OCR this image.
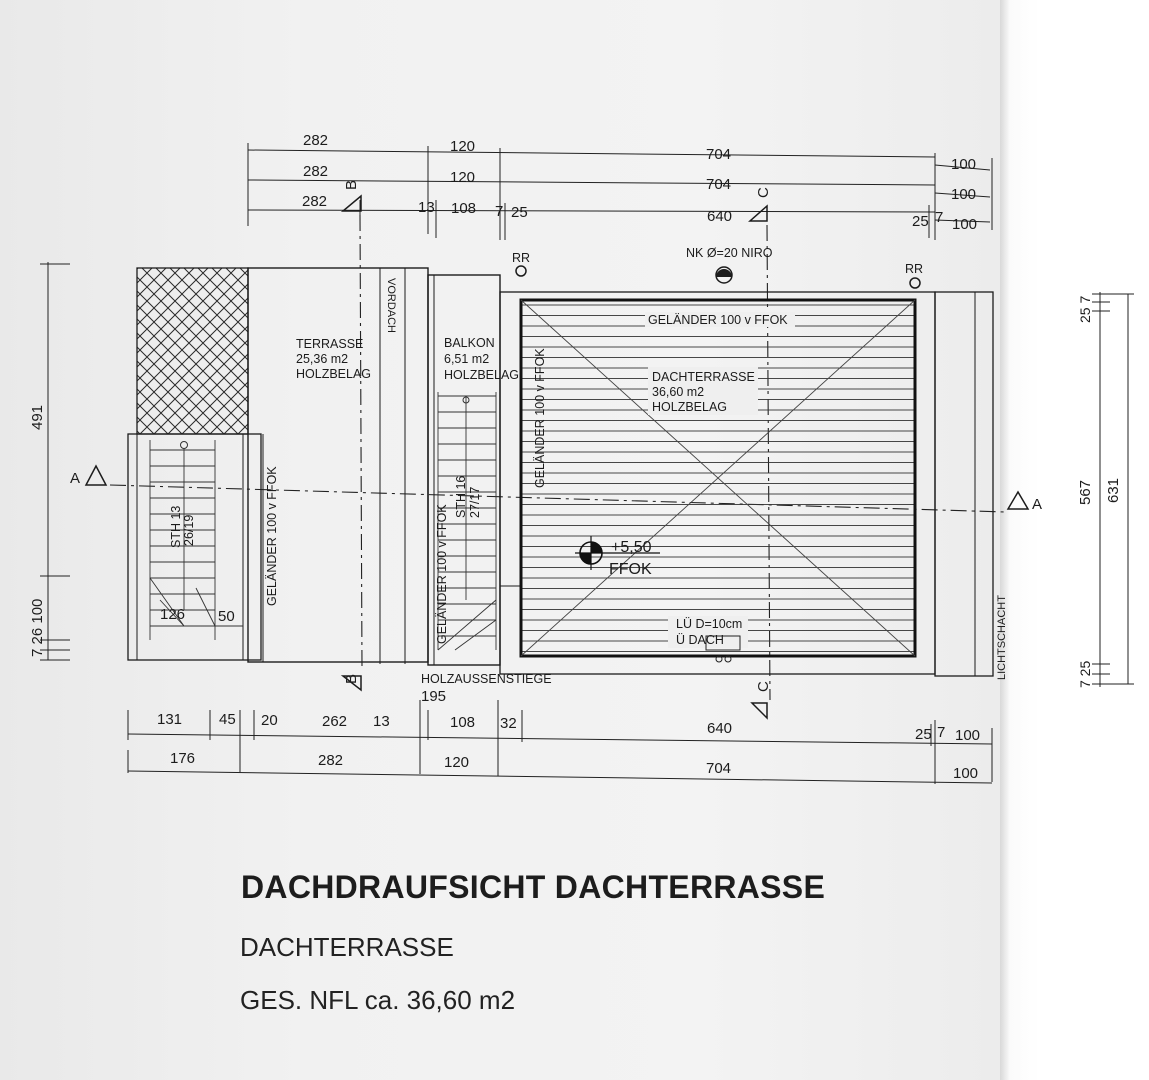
282	120	704
100
282	120	704
100
282	13 108 7 25	640	25 7 100
A
A
B
B
C
C
491
7 26 100
25 7
567 631
7 25
TERRASSE
25,36 m2
HOLZBELAG
VORDACH
BALKON
6,51 m2
HOLZBELAG	DACHTERRASSE
36,60 m2
HOLZBELAG
GELÄNDER 100 v FFOK
GELÄNDER 100 v FFOK
GELÄNDER 100 v FFOK	GELÄNDER 100 v FFOK
STH 13 26/19
STH 16 27/17
126 50
RR
RR
NK Ø=20 NIRO
+5,50
FFOK
LÜ D=10cm
Ü DACH
HOLZAUSSENSTIEGE
195
LICHTSCHACHT
131 45 20	262 13	108 32	640	25 7 100
176	282	120	704	100

DACHDRAUFSICHT DACHTERRASSE

DACHTERRASSE

GES. NFL ca. 36,60 m2
